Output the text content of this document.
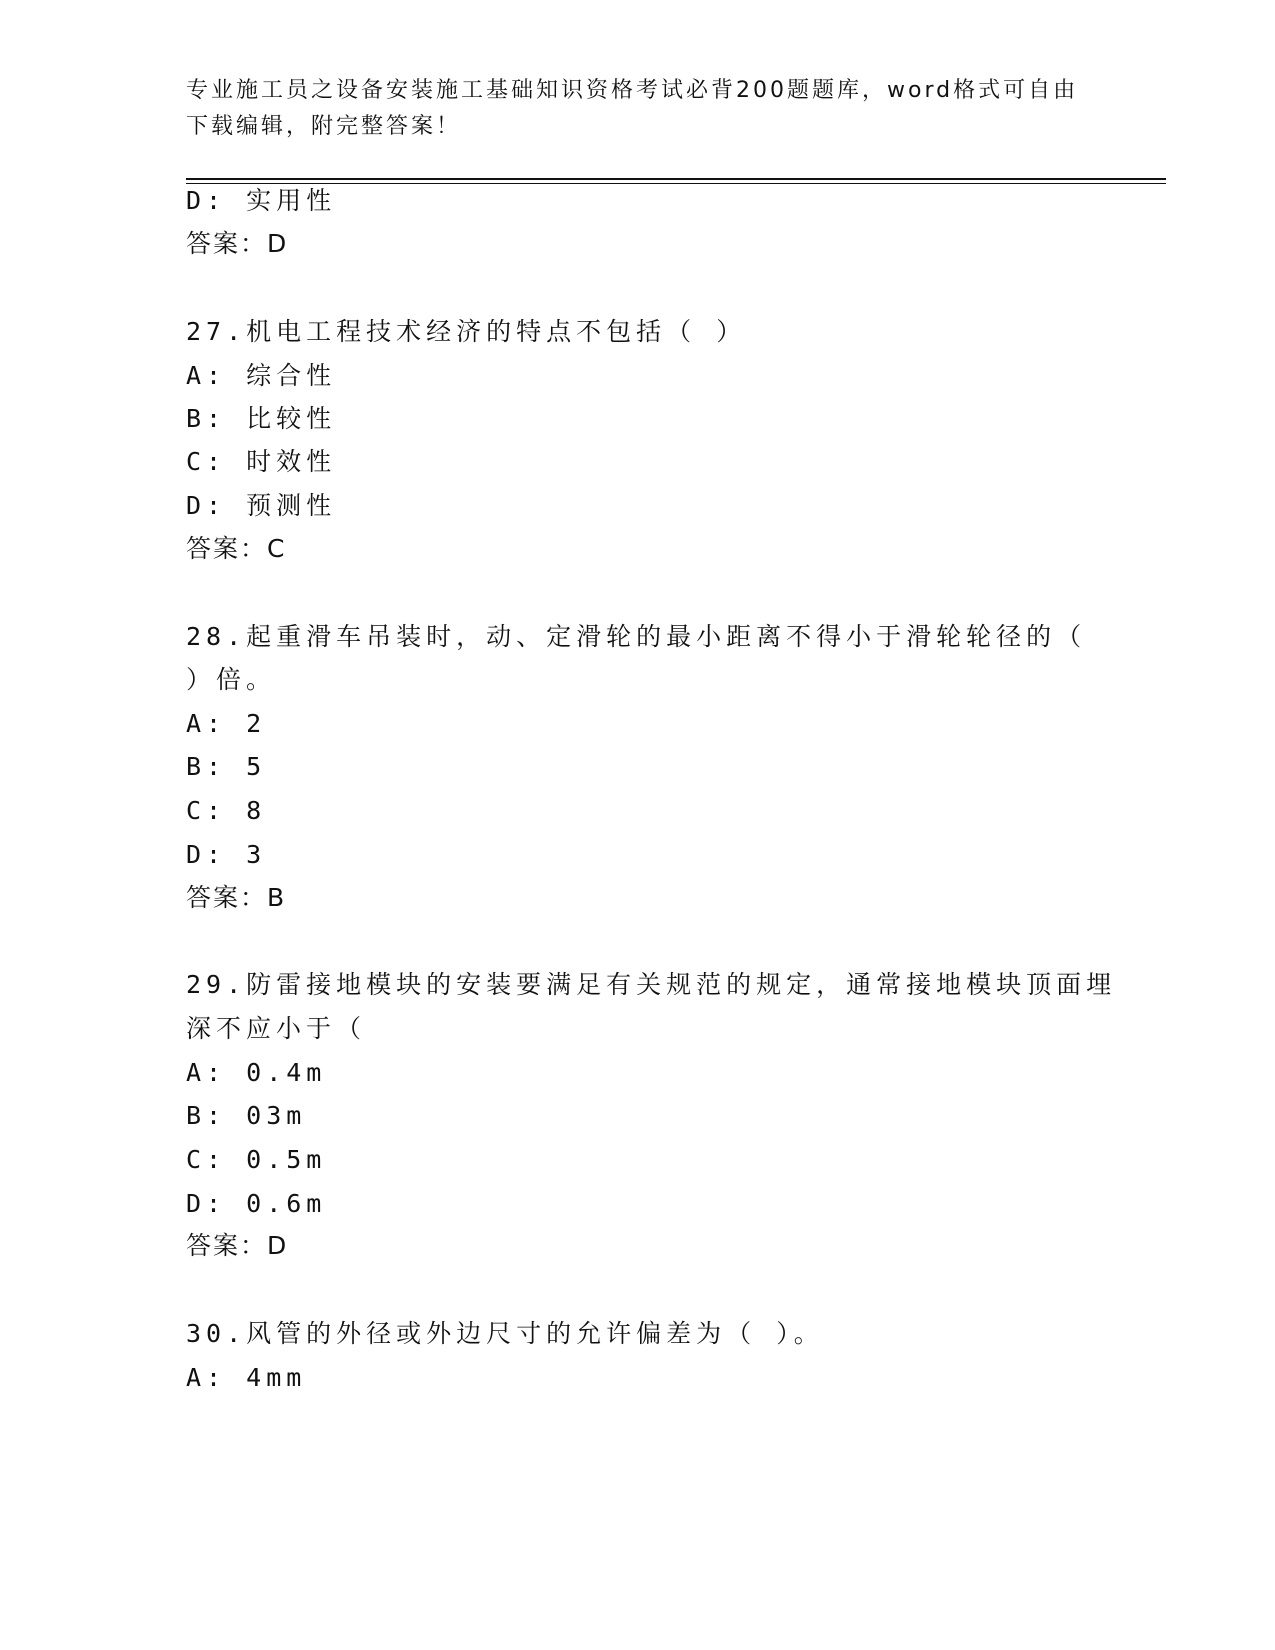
专业施工员之设备安装施工基础知识资格考试必背200题题库，word格式可自由
下载编辑，附完整答案！
D: 实用性
答案：D
27.机电工程技术经济的特点不包括（ ）
A: 综合性
B: 比较性
C: 时效性
D: 预测性
答案：C
28.起重滑车吊装时，动、定滑轮的最小距离不得小于滑轮轮径的（
）倍。
A: 2
B: 5
C: 8
D: 3
答案：B
29.防雷接地模块的安装要满足有关规范的规定，通常接地模块顶面埋
深不应小于（
A: 0.4m
B: 03m
C: 0.5m
D: 0.6m
答案：D
30.风管的外径或外边尺寸的允许偏差为（ ）。
A: 4mm
